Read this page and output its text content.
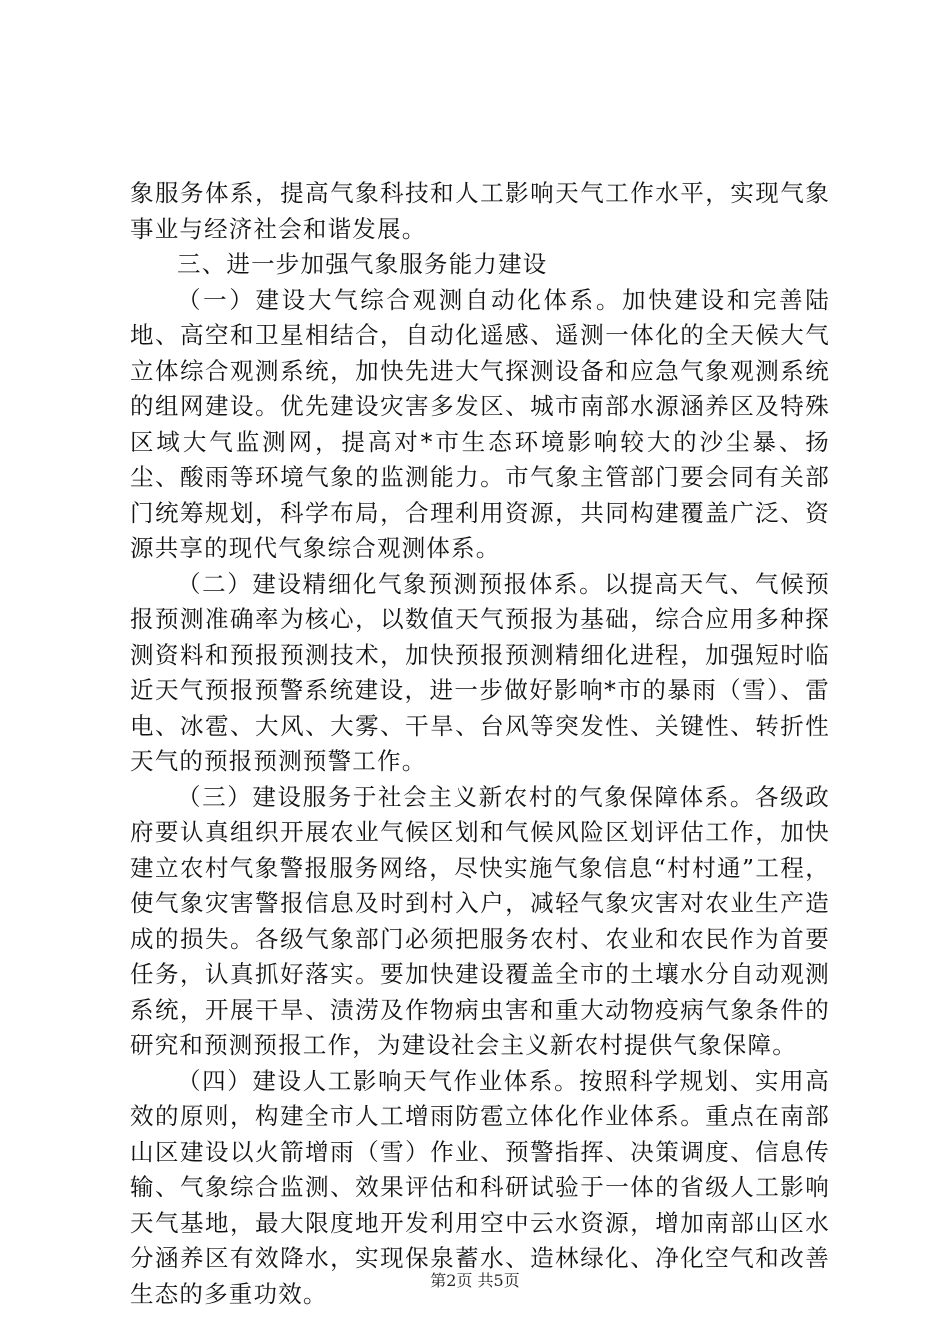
象服务体系，提高气象科技和人工影响天气工作水平，实现气象事业与经济社会和谐发展。

三、进一步加强气象服务能力建设

（一）建设大气综合观测自动化体系。加快建设和完善陆地、高空和卫星相结合，自动化遥感、遥测一体化的全天候大气立体综合观测系统，加快先进大气探测设备和应急气象观测系统的组网建设。优先建设灾害多发区、城市南部水源涵养区及特殊区域大气监测网，提高对*市生态环境影响较大的沙尘暴、扬尘、酸雨等环境气象的监测能力。市气象主管部门要会同有关部门统筹规划，科学布局，合理利用资源，共同构建覆盖广泛、资源共享的现代气象综合观测体系。

（二）建设精细化气象预测预报体系。以提高天气、气候预报预测准确率为核心，以数值天气预报为基础，综合应用多种探测资料和预报预测技术，加快预报预测精细化进程，加强短时临近天气预报预警系统建设，进一步做好影响*市的暴雨（雪）、雷电、冰雹、大风、大雾、干旱、台风等突发性、关键性、转折性天气的预报预测预警工作。

（三）建设服务于社会主义新农村的气象保障体系。各级政府要认真组织开展农业气候区划和气候风险区划评估工作，加快建立农村气象警报服务网络，尽快实施气象信息“村村通”工程，使气象灾害警报信息及时到村入户，减轻气象灾害对农业生产造成的损失。各级气象部门必须把服务农村、农业和农民作为首要任务，认真抓好落实。要加快建设覆盖全市的土壤水分自动观测系统，开展干旱、渍涝及作物病虫害和重大动物疫病气象条件的研究和预测预报工作，为建设社会主义新农村提供气象保障。

（四）建设人工影响天气作业体系。按照科学规划、实用高效的原则，构建全市人工增雨防雹立体化作业体系。重点在南部山区建设以火箭增雨（雪）作业、预警指挥、决策调度、信息传输、气象综合监测、效果评估和科研试验于一体的省级人工影响天气基地，最大限度地开发利用空中云水资源，增加南部山区水分涵养区有效降水，实现保泉蓄水、造林绿化、净化空气和改善生态的多重功效。	第2页 共5页
